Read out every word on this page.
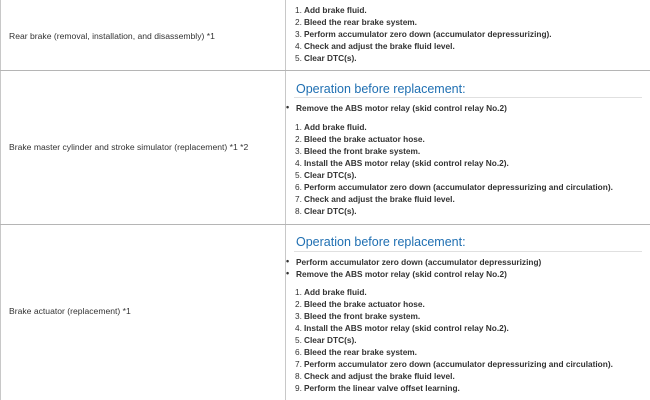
Rear brake (removal, installation, and disassembly) *1
1. Add brake fluid.
2. Bleed the rear brake system.
3. Perform accumulator zero down (accumulator depressurizing).
4. Check and adjust the brake fluid level.
5. Clear DTC(s).
Brake master cylinder and stroke simulator (replacement) *1 *2
Operation before replacement:
• Remove the ABS motor relay (skid control relay No.2)
1. Add brake fluid.
2. Bleed the brake actuator hose.
3. Bleed the front brake system.
4. Install the ABS motor relay (skid control relay No.2).
5. Clear DTC(s).
6. Perform accumulator zero down (accumulator depressurizing and circulation).
7. Check and adjust the brake fluid level.
8. Clear DTC(s).
Brake actuator (replacement) *1
Operation before replacement:
• Perform accumulator zero down (accumulator depressurizing)
• Remove the ABS motor relay (skid control relay No.2)
1. Add brake fluid.
2. Bleed the brake actuator hose.
3. Bleed the front brake system.
4. Install the ABS motor relay (skid control relay No.2).
5. Clear DTC(s).
6. Bleed the rear brake system.
7. Perform accumulator zero down (accumulator depressurizing and circulation).
8. Check and adjust the brake fluid level.
9. Perform the linear valve offset learning.
